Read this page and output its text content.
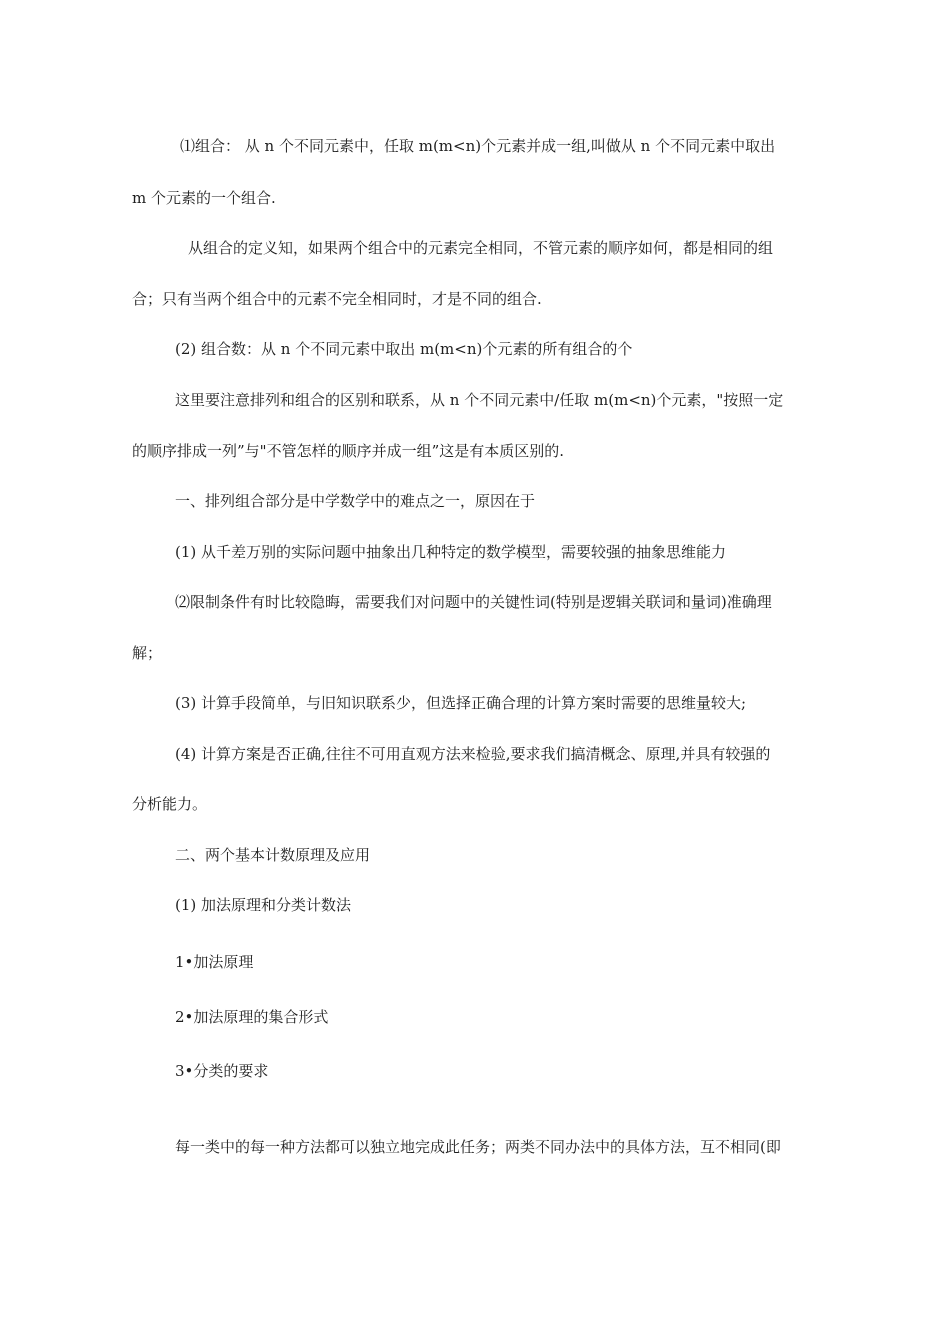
⑴组合： 从 n 个不同元素中，任取 m(m<n)个元素并成一组,叫做从 n 个不同元素中取出
m 个元素的一个组合.
从组合的定义知，如果两个组合中的元素完全相同，不管元素的顺序如何，都是相同的组
合；只有当两个组合中的元素不完全相同时，才是不同的组合.
(2) 组合数：从 n 个不同元素中取出 m(m<n)个元素的所有组合的个
这里要注意排列和组合的区别和联系，从 n 个不同元素中/任取 m(m<n)个元素，"按照一定
的顺序排成一列”与"不管怎样的顺序并成一组”这是有本质区别的.
一、排列组合部分是中学数学中的难点之一，原因在于
(1) 从千差万别的实际问题中抽象出几种特定的数学模型，需要较强的抽象思维能力
⑵限制条件有时比较隐晦，需要我们对问题中的关键性词(特别是逻辑关联词和量词)准确理
解；
(3) 计算手段简单，与旧知识联系少，但选择正确合理的计算方案时需要的思维量较大;
(4) 计算方案是否正确,往往不可用直观方法来检验,要求我们搞清概念、原理,并具有较强的
分析能力。
二、两个基本计数原理及应用
(1) 加法原理和分类计数法
1•加法原理
2•加法原理的集合形式
3•分类的要求
每一类中的每一种方法都可以独立地完成此任务；两类不同办法中的具体方法，互不相同(即
